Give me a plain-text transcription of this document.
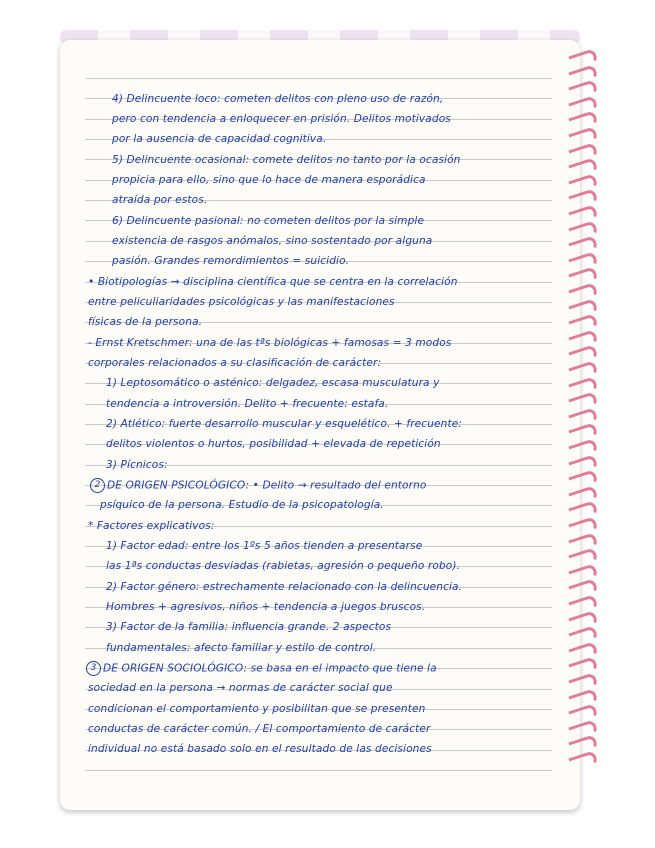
4) Delincuente loco: cometen delitos con pleno uso de razón,
pero con tendencia a enloquecer en prisión. Delitos motivados
por la ausencia de capacidad cognitiva.
5) Delincuente ocasional: comete delitos no tanto por la ocasión
propicia para ello, sino que lo hace de manera esporádica
atraída por estos.
6) Delincuente pasional: no cometen delitos por la simple
existencia de rasgos anómalos, sino sostentado por alguna
pasión. Grandes remordimientos = suicidio.
• Biotipologías → disciplina científica que se centra en la correlación
entre peliculiaridades psicológicas y las manifestaciones
físicas de la persona.
- Ernst Kretschmer: una de las tªs biológicas + famosas = 3 modos
corporales relacionados a su clasificación de carácter:
1) Leptosomático o asténico: delgadez, escasa musculatura y
tendencia a introversión. Delito + frecuente: estafa.
2) Atlético: fuerte desarrollo muscular y esquelético. + frecuente:
delitos violentos o hurtos, posibilidad + elevada de repetición
3) Pícnicos:
2 DE ORIGEN PSICOLÓGICO: • Delito → resultado del entorno
psíquico de la persona. Estudio de la psicopatología.
* Factores explicativos:
1) Factor edad: entre los 1ºs 5 años tienden a presentarse
las 1ªs conductas desviadas (rabietas, agresión o pequeño robo).
2) Factor género: estrechamente relacionado con la delincuencia.
Hombres + agresivos, niños + tendencia a juegos bruscos.
3) Factor de la familia: influencia grande. 2 aspectos
fundamentales: afecto familiar y estilo de control.
3 DE ORIGEN SOCIOLÓGICO: se basa en el impacto que tiene la
sociedad en la persona → normas de carácter social que
condicionan el comportamiento y posibilitan que se presenten
conductas de carácter común. / El comportamiento de carácter
individual no está basado solo en el resultado de las decisiones
